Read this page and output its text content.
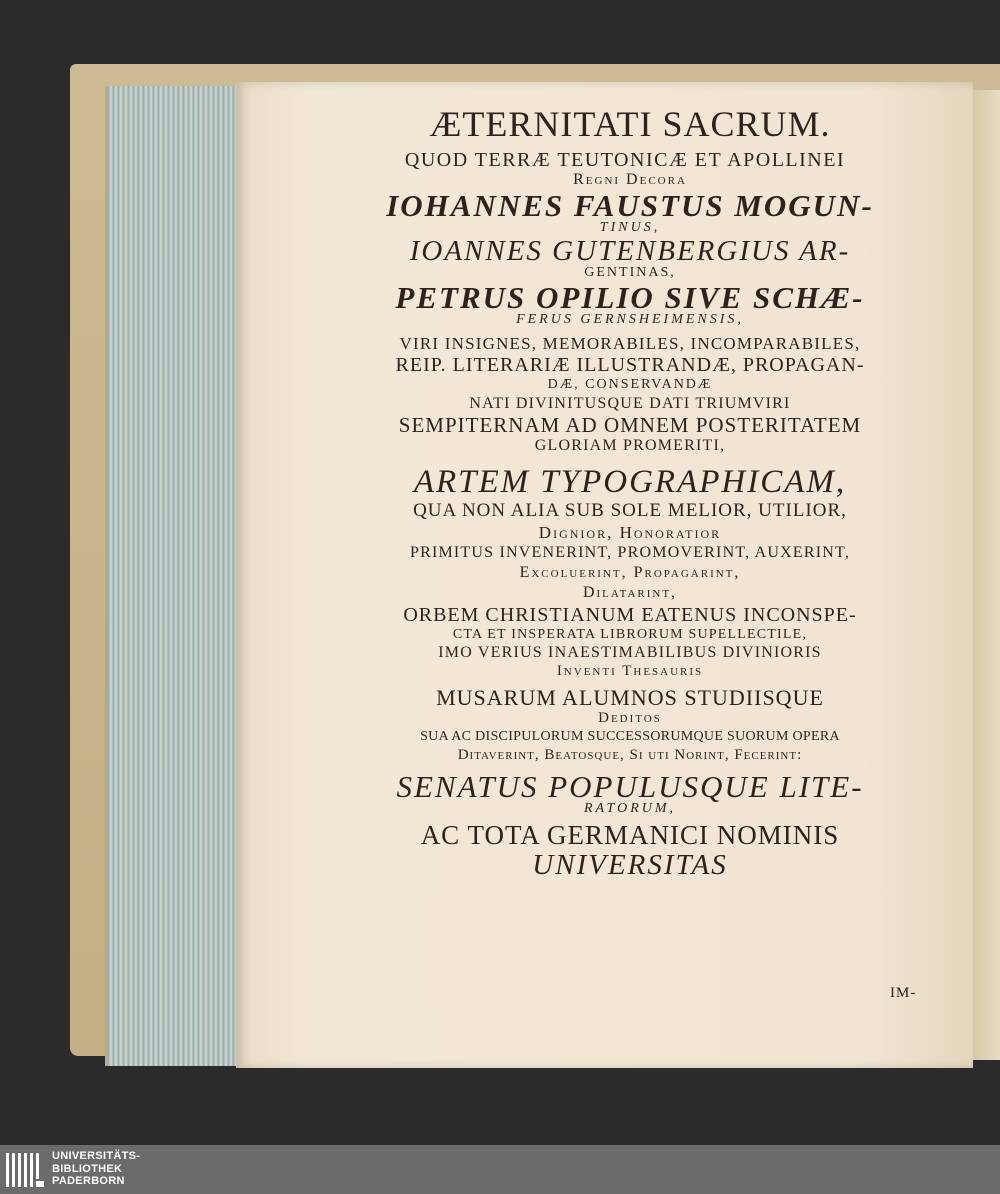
ÆTERNITATI SACRUM.
QUOD TERRÆ TEUTONICÆ ET APOLLINEI
Regni Decora
IOHANNES FAUSTUS MOGUN-
TINUS,
IOANNES GUTENBERGIUS AR-
GENTINAS,
PETRUS OPILIO SIVE SCHÆ-
FERUS GERNSHEIMENSIS,
VIRI INSIGNES, MEMORABILES, INCOMPARABILES,
REIP. LITERARIÆ ILLUSTRANDÆ, PROPAGAN-
DÆ, CONSERVANDÆ
NATI DIVINITUSQUE DATI TRIUMVIRI
SEMPITERNAM AD OMNEM POSTERITATEM
GLORIAM PROMERITI,
ARTEM TYPOGRAPHICAM,
QUA NON ALIA SUB SOLE MELIOR, UTILIOR,
Dignior, Honoratior
PRIMITUS INVENERINT, PROMOVERINT, AUXERINT,
Excoluerint, Propagarint,
Dilatarint,
ORBEM CHRISTIANUM EATENUS INCONSPE-
CTA ET INSPERATA LIBRORUM SUPELLECTILE,
IMO VERIUS INAESTIMABILIBUS DIVINIORIS
Inventi Thesauris
MUSARUM ALUMNOS STUDIISQUE
Deditos
SUA AC DISCIPULORUM SUCCESSORUMQUE SUORUM OPERA
Ditaverint, Beatosque, Si uti Norint, Fecerint:
SENATUS POPULUSQUE LITE-
RATORUM,
AC TOTA GERMANICI NOMINIS
UNIVERSITAS
IM-
UNIVERSITÄTS-
BIBLIOTHEK
PADERBORN
